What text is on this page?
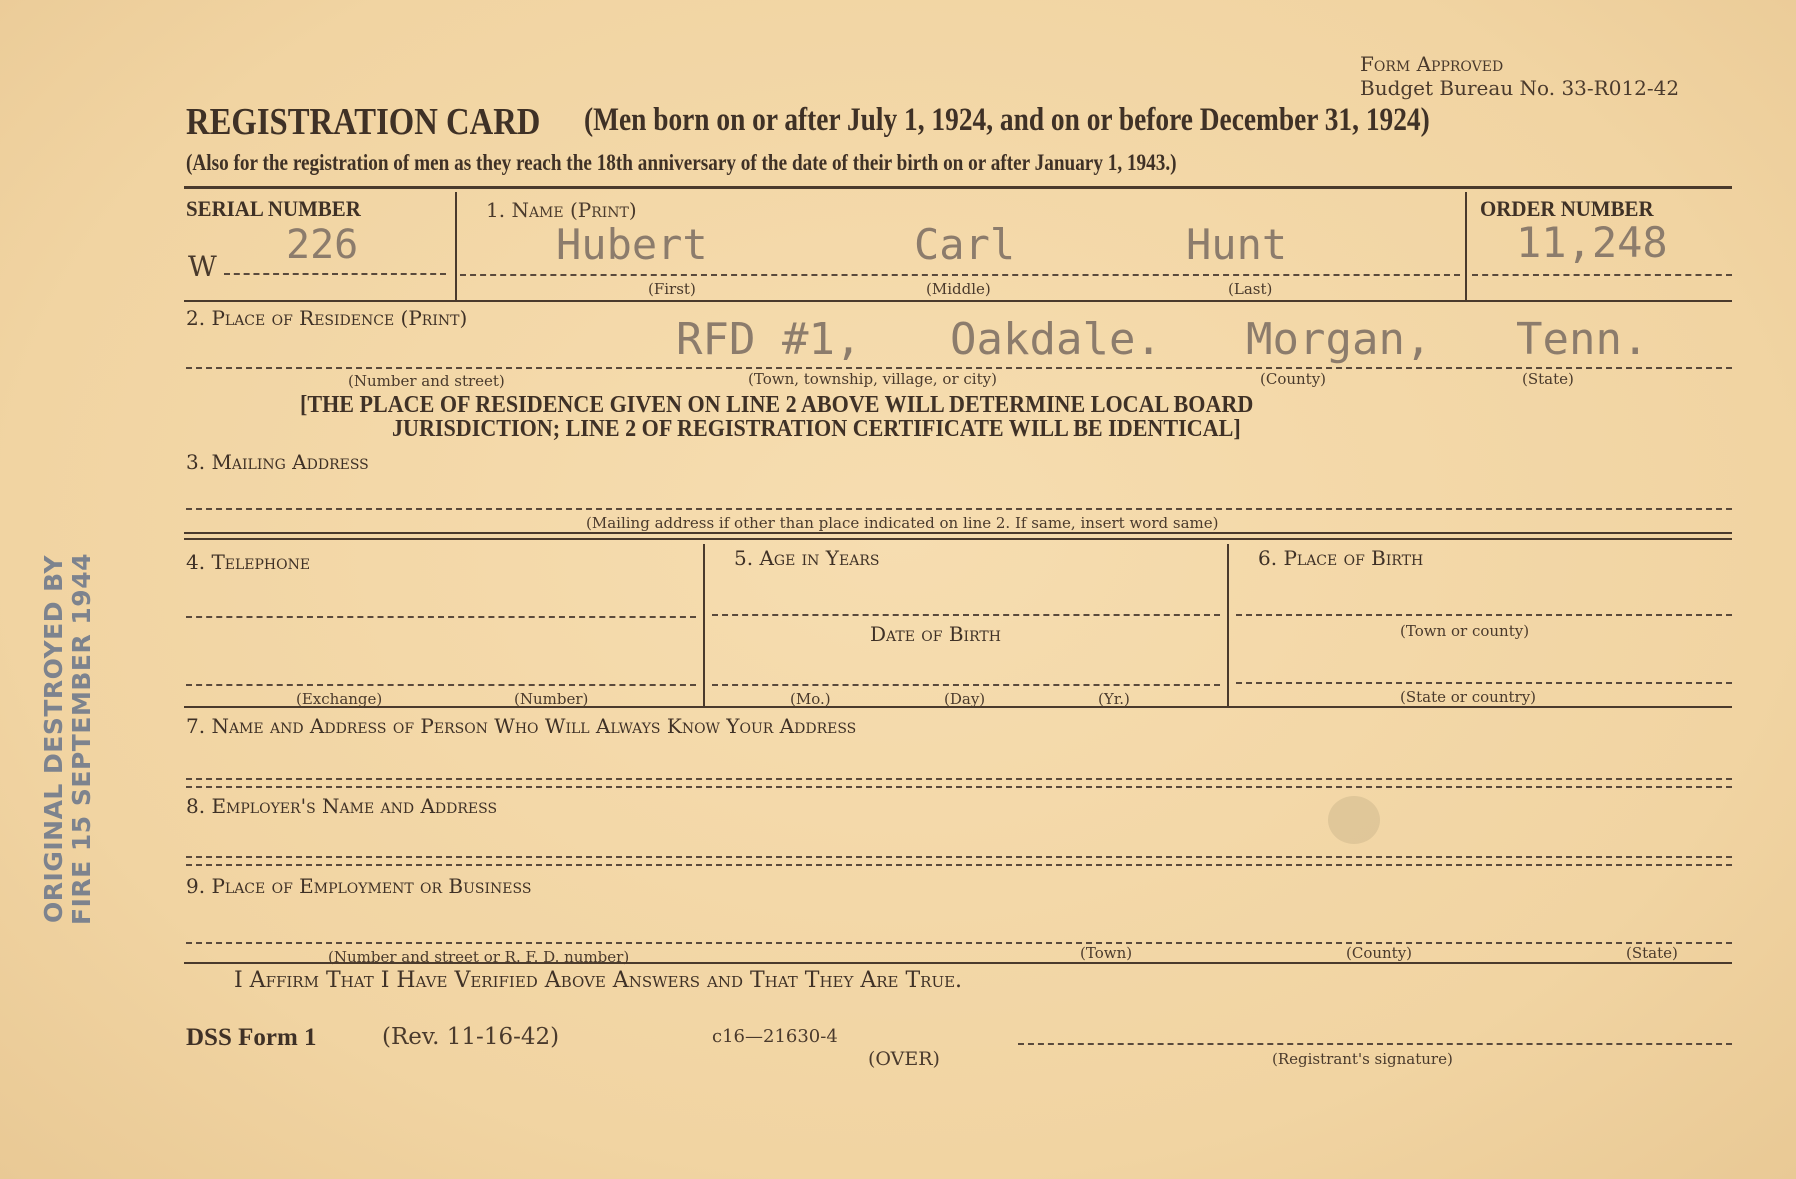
Form Approved
Budget Bureau No. 33-R012-42
REGISTRATION CARD (Men born on or after July 1, 1924, and on or before December 31, 1924)
(Also for the registration of men as they reach the 18th anniversary of the date of their birth on or after January 1, 1943.)
SERIAL NUMBER
W 226
1. Name (Print)
Hubert	Carl	Hunt
(First)	(Middle)	(Last)
ORDER NUMBER
11,248
2. Place of Residence (Print)	RFD #1, Oakdale. Morgan, Tenn.
(Number and street)	(Town, township, village, or city)	(County)	(State)
[THE PLACE OF RESIDENCE GIVEN ON LINE 2 ABOVE WILL DETERMINE LOCAL BOARD
JURISDICTION; LINE 2 OF REGISTRATION CERTIFICATE WILL BE IDENTICAL]
3. Mailing Address
(Mailing address if other than place indicated on line 2. If same, insert word same)
4. Telephone
(Exchange)	(Number)
5. Age in Years
Date of Birth
(Mo.)	(Day)	(Yr.)
6. Place of Birth
(Town or county)
(State or country)
7. Name and Address of Person Who Will Always Know Your Address
8. Employer's Name and Address
9. Place of Employment or Business
(Number and street or R. F. D. number)	(Town)	(County)	(State)
I Affirm That I Have Verified Above Answers and That They Are True.
DSS Form 1	(Rev. 11-16-42)	c16—21630-4
(OVER)	(Registrant's signature)
ORIGINAL DESTROYED BY FIRE 15 SEPTEMBER 1944
